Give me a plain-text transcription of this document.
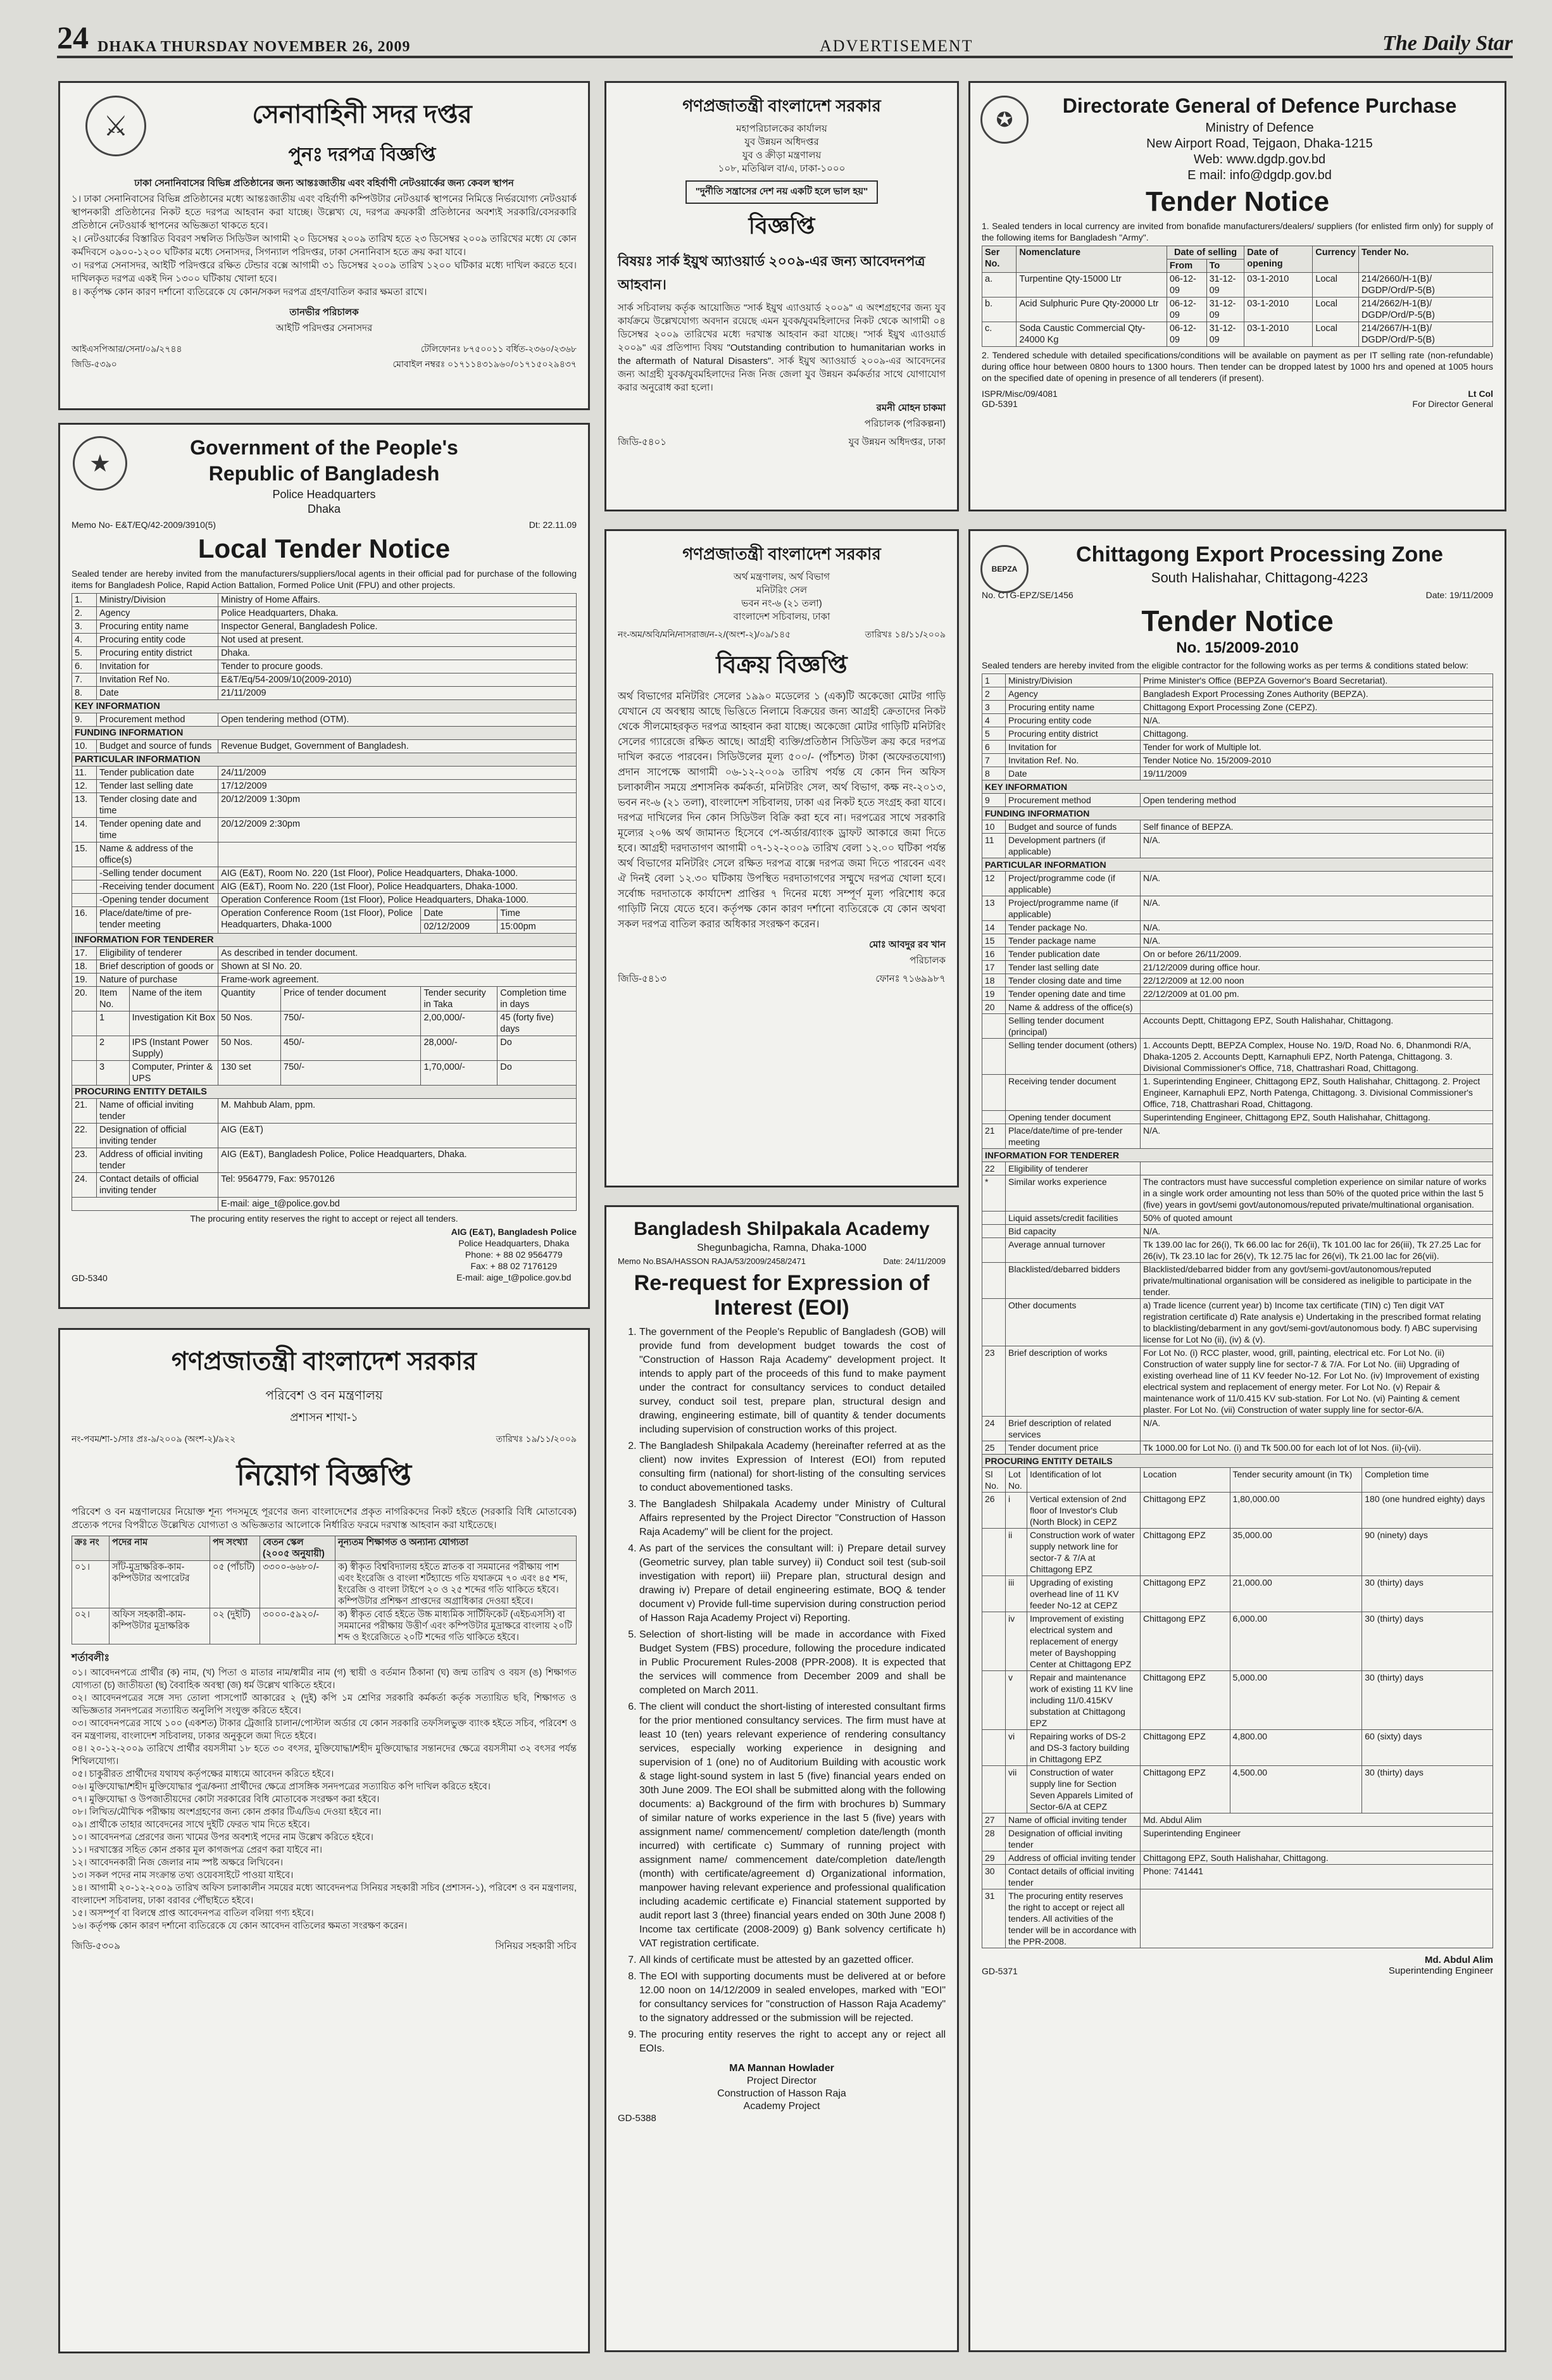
24 DHAKA THURSDAY NOVEMBER 26, 2009	ADVERTISEMENT	The Daily Star
⚔	সেনাবাহিনী সদর দপ্তর
পুনঃ দরপত্র বিজ্ঞপ্তি

ঢাকা সেনানিবাসের বিভিন্ন প্রতিষ্ঠানের জন্য আন্তঃজাতীয় এবং বহির্বাণী নেটওয়ার্কের জন্য কেবল স্থাপন

১। ঢাকা সেনানিবাসের বিভিন্ন প্রতিষ্ঠানের মধ্যে আন্তঃজাতীয় এবং বহির্বাণী কম্পিউটার নেটওয়ার্ক স্থাপনের নিমিত্তে নির্ভরযোগ্য নেটওয়ার্ক স্থাপনকারী প্রতিষ্ঠানের নিকট হতে দরপত্র আহবান করা যাচ্ছে। উল্লেখ্য যে, দরপত্র ক্রয়কারী প্রতিষ্ঠানের অবশ্যই সরকারি/বেসরকারি প্রতিষ্ঠানে নেটওয়ার্ক স্থাপনের অভিজ্ঞতা থাকতে হবে।

২। নেটওয়ার্কের বিস্তারিত বিবরণ সম্বলিত সিডিউল আগামী ২০ ডিসেম্বর ২০০৯ তারিখ হতে ২৩ ডিসেম্বর ২০০৯ তারিখের মধ্যে যে কোন কর্মদিবসে ০৯০০-১২০০ ঘটিকার মধ্যে সেনাসদর, সিগন্যাল পরিদপ্তর, ঢাকা সেনানিবাস হতে ক্রয় করা যাবে।

৩। দরপত্র সেনাসদর, আইটি পরিদপ্তরে রক্ষিত টেন্ডার বক্সে আগামী ৩১ ডিসেম্বর ২০০৯ তারিখ ১২০০ ঘটিকার মধ্যে দাখিল করতে হবে। দাখিলকৃত দরপত্র একই দিন ১৩০০ ঘটিকায় খোলা হবে।

৪। কর্তৃপক্ষ কোন কারণ দর্শানো ব্যতিরেকে যে কোন/সকল দরপত্র গ্রহণ/বাতিল করার ক্ষমতা রাখে।

তানভীর পরিচালক
আইটি পরিদপ্তর সেনাসদর
আইএসপিআর/সেনা/০৯/২৭৪৪
জিডি-৫৩৯০
টেলিফোনঃ ৮৭৫০০১১ বর্ধিত-২৩৬০/২৩৬৮
মোবাইল নম্বরঃ ০১৭১১৪৩১৯৬০/০১৭১৫০২৯৪৩৭
★
Government of the People's
Republic of Bangladesh
Police Headquarters
Dhaka
Memo No- E&T/EQ/42-2009/3910(5)	Dt: 22.11.09
Local Tender Notice

Sealed tender are hereby invited from the manufacturers/suppliers/local agents in their official pad for purchase of the following items for Bangladesh Police, Rapid Action Battalion, Formed Police Unit (FPU) and other projects.

1.	Ministry/Division		Ministry of Home Affairs.			
2.	Agency		Police Headquarters, Dhaka.			
3.	Procuring entity name		Inspector General, Bangladesh Police.			
4.	Procuring entity code		Not used at present.			
5.	Procuring entity district		Dhaka.			
6.	Invitation for		Tender to procure goods.			
7.	Invitation Ref No.		E&T/Eq/54-2009/10(2009-2010)			
8.	Date		21/11/2009			
KEY INFORMATION						
9.	Procurement method		Open tendering method (OTM).			
FUNDING INFORMATION						
10.	Budget and source of funds		Revenue Budget, Government of Bangladesh.			
PARTICULAR INFORMATION						
11.	Tender publication date		24/11/2009			
12.	Tender last selling date		17/12/2009			
13.	Tender closing date and time		20/12/2009 1:30pm			
14.	Tender opening date and time		20/12/2009 2:30pm			
15.	Name & address of the office(s)					
	-Selling tender document		AIG (E&T), Room No. 220 (1st Floor), Police Headquarters, Dhaka-1000.			
	-Receiving tender document		AIG (E&T), Room No. 220 (1st Floor), Police Headquarters, Dhaka-1000.			
	-Opening tender document		Operation Conference Room (1st Floor), Police Headquarters, Dhaka-1000.			
16.	Place/date/time of pre-tender meeting		Operation Conference Room (1st Floor), Police Headquarters, Dhaka-1000		Date	Time
					02/12/2009	15:00pm
INFORMATION FOR TENDERER						
17.	Eligibility of tenderer		As described in tender document.			
18.	Brief description of goods or		Shown at Sl No. 20.			
19.	Nature of purchase		Frame-work agreement.			
20.	Item No.	Name of the item	Quantity	Price of tender document	Tender security in Taka	Completion time in days
	1	Investigation Kit Box	50 Nos.	750/-	2,00,000/-	45 (forty five) days
	2	IPS (Instant Power Supply)	50 Nos.	450/-	28,000/-	Do
	3	Computer, Printer & UPS	130 set	750/-	1,70,000/-	Do
PROCURING ENTITY DETAILS						
21.	Name of official inviting tender		M. Mahbub Alam, ppm.			
22.	Designation of official inviting tender		AIG (E&T)			
23.	Address of official inviting tender		AIG (E&T), Bangladesh Police, Police Headquarters, Dhaka.			
24.	Contact details of official inviting tender		Tel: 9564779, Fax: 9570126			
			E-mail: aige_t@police.gov.bd			
The procuring entity reserves the right to accept or reject all tenders.
GD-5340
AIG (E&T), Bangladesh Police
Police Headquarters, Dhaka
Phone: + 88 02 9564779
Fax: + 88 02 7176129
E-mail: aige_t@police.gov.bd
গণপ্রজাতন্ত্রী বাংলাদেশ সরকার
পরিবেশ ও বন মন্ত্রণালয়
প্রশাসন শাখা-১
নং-পবম/শা-১/সাঃ প্রঃ-৯/২০০৯ (অংশ-২)/৯২২	তারিখঃ ১৯/১১/২০০৯
নিয়োগ বিজ্ঞপ্তি

পরিবেশ ও বন মন্ত্রণালয়ের নিয়োক্ত শূন্য পদসমূহে পূরণের জন্য বাংলাদেশের প্রকৃত নাগরিকদের নিকট হইতে (সরকারি বিধি মোতাবেক) প্রত্যেক পদের বিপরীতে উল্লেখিত যোগ্যতা ও অভিজ্ঞতার আলোকে নির্ধারিত ফরমে দরখাস্ত আহবান করা যাইতেছে।

ক্রঃ নং	পদের নাম	পদ সংখ্যা	বেতন স্কেল (২০০৫ অনুযায়ী)	নূন্যতম শিক্ষাগত ও অন্যান্য যোগ্যতা
০১।	সাঁট-মুদ্রাক্ষরিক-কাম-কম্পিউটার অপারেটর	০৫ (পাঁচটি)	৩৩০০-৬৬৮০/-	ক) স্বীকৃত বিশ্ববিদ্যালয় হইতে স্নাতক বা সমমানের পরীক্ষায় পাশ এবং ইংরেজি ও বাংলা শর্টহ্যান্ডে গতি যথাক্রমে ৭০ এবং ৪৫ শব্দ, ইংরেজি ও বাংলা টাইপে ২০ ও ২৫ শব্দের গতি থাকিতে হইবে। কম্পিউটার প্রশিক্ষণ প্রাপ্তদের অগ্রাধিকার দেওয়া হইবে।
০২।	অফিস সহকারী-কাম-কম্পিউটার মুদ্রাক্ষরিক	০২ (দুইটি)	৩০০০-৫৯২০/-	ক) স্বীকৃত বোর্ড হইতে উচ্চ মাধ্যমিক সার্টিফিকেট (এইচএসসি) বা সমমানের পরীক্ষায় উত্তীর্ণ এবং কম্পিউটার মুদ্রাক্ষরে বাংলায় ২০টি শব্দ ও ইংরেজিতে ২০টি শব্দের গতি থাকিতে হইবে।
শর্তাবলীঃ

০১। আবেদনপত্রে প্রার্থীর (ক) নাম, (খ) পিতা ও মাতার নাম/স্বামীর নাম (গ) স্থায়ী ও বর্তমান ঠিকানা (ঘ) জন্ম তারিখ ও বয়স (ঙ) শিক্ষাগত যোগ্যতা (চ) জাতীয়তা (ছ) বৈবাহিক অবস্থা (জ) ধর্ম উল্লেখ থাকিতে হইবে।

০২। আবেদনপত্রের সঙ্গে সদ্য তোলা পাসপোর্ট আকারের ২ (দুই) কপি ১ম শ্রেণির সরকারি কর্মকর্তা কর্তৃক সত্যায়িত ছবি, শিক্ষাগত ও অভিজ্ঞতার সনদপত্রের সত্যায়িত অনুলিপি সংযুক্ত করিতে হইবে।

০৩। আবেদনপত্রের সাথে ১০০ (একশত) টাকার ট্রেজারি চালান/পোস্টাল অর্ডার যে কোন সরকারি তফসিলভুক্ত ব্যাংক হইতে সচিব, পরিবেশ ও বন মন্ত্রণালয়, বাংলাদেশ সচিবালয়, ঢাকার অনুকূলে জমা দিতে হইবে।

০৪। ২০-১২-২০০৯ তারিখে প্রার্থীর বয়সসীমা ১৮ হতে ৩০ বৎসর, মুক্তিযোদ্ধা/শহীদ মুক্তিযোদ্ধার সন্তানদের ক্ষেত্রে বয়সসীমা ৩২ বৎসর পর্যন্ত শিথিলযোগ্য।

০৫। চাকুরীরত প্রার্থীদের যথাযথ কর্তৃপক্ষের মাধ্যমে আবেদন করিতে হইবে।

০৬। মুক্তিযোদ্ধা/শহীদ মুক্তিযোদ্ধার পুত্র/কন্যা প্রার্থীদের ক্ষেত্রে প্রাসঙ্গিক সনদপত্রের সত্যায়িত কপি দাখিল করিতে হইবে।

০৭। মুক্তিযোদ্ধা ও উপজাতীয়দের কোটা সরকারের বিধি মোতাবেক সংরক্ষণ করা হইবে।

০৮। লিখিত/মৌখিক পরীক্ষায় অংশগ্রহণের জন্য কোন প্রকার টিএ/ডিএ দেওয়া হইবে না।

০৯। প্রার্থীকে তাহার আবেদনের সাথে দুইটি ফেরত খাম দিতে হইবে।

১০। আবেদনপত্র প্রেরণের জন্য খামের উপর অবশ্যই পদের নাম উল্লেখ করিতে হইবে।

১১। দরখাস্তের সহিত কোন প্রকার মূল কাগজপত্র প্রেরণ করা যাইবে না।

১২। আবেদনকারী নিজ জেলার নাম স্পষ্ট অক্ষরে লিখিবেন।

১৩। সকল পদের নাম সংক্রান্ত তথ্য ওয়েবসাইটে পাওয়া যাইবে।

১৪। আগামী ২০-১২-২০০৯ তারিখ অফিস চলাকালীন সময়ের মধ্যে আবেদনপত্র সিনিয়র সহকারী সচিব (প্রশাসন-১), পরিবেশ ও বন মন্ত্রণালয়, বাংলাদেশ সচিবালয়, ঢাকা বরাবর পৌঁছাইতে হইবে।

১৫। অসম্পূর্ণ বা বিলম্বে প্রাপ্ত আবেদনপত্র বাতিল বলিয়া গণ্য হইবে।

১৬। কর্তৃপক্ষ কোন কারণ দর্শানো ব্যতিরেকে যে কোন আবেদন বাতিলের ক্ষমতা সংরক্ষণ করেন।

জিডি-৫৩০৯	সিনিয়র সহকারী সচিব
গণপ্রজাতন্ত্রী বাংলাদেশ সরকার
মহাপরিচালকের কার্যালয়
যুব উন্নয়ন অধিদপ্তর
যুব ও ক্রীড়া মন্ত্রণালয়
১০৮, মতিঝিল বা/এ, ঢাকা-১০০০
"দুর্নীতি সন্ত্রাসের দেশ নয় একটি হলে ভাল হয়"
বিজ্ঞপ্তি
বিষয়ঃ সার্ক ইয়ুথ অ্যাওয়ার্ড ২০০৯-এর জন্য আবেদনপত্র আহবান।

সার্ক সচিবালয় কর্তৃক আয়োজিত "সার্ক ইয়ুথ এ্যাওয়ার্ড ২০০৯" এ অংশগ্রহণের জন্য যুব কার্যক্রমে উল্লেখযোগ্য অবদান রয়েছে এমন যুবক/যুবমহিলাদের নিকট থেকে আগামী ০৪ ডিসেম্বর ২০০৯ তারিখের মধ্যে দরখাস্ত আহবান করা যাচ্ছে। "সার্ক ইয়ুথ এ্যাওয়ার্ড ২০০৯" এর প্রতিপাদ্য বিষয় "Outstanding contribution to humanitarian works in the aftermath of Natural Disasters". সার্ক ইয়ুথ অ্যাওয়ার্ড ২০০৯-এর আবেদনের জন্য আগ্রহী যুবক/যুবমহিলাদের নিজ নিজ জেলা যুব উন্নয়ন কর্মকর্তার সাথে যোগাযোগ করার অনুরোধ করা হলো।

রমনী মোহন চাকমা
পরিচালক (পরিকল্পনা)
জিডি-৫৪০১	যুব উন্নয়ন অধিদপ্তর, ঢাকা
গণপ্রজাতন্ত্রী বাংলাদেশ সরকার
অর্থ মন্ত্রণালয়, অর্থ বিভাগ
মনিটরিং সেল
ভবন নং-৬ (২১ তলা)
বাংলাদেশ সচিবালয়, ঢাকা
নং-অম/অবি/মনি/নাসরাজ/ন-২/(অংশ-২)/০৯/১৪৫	তারিখঃ ১৪/১১/২০০৯
বিক্রয় বিজ্ঞপ্তি

অর্থ বিভাগের মনিটরিং সেলের ১৯৯০ মডেলের ১ (এক)টি অকেজো মোটর গাড়ি যেখানে যে অবস্থায় আছে ভিত্তিতে নিলামে বিক্রয়ের জন্য আগ্রহী ক্রেতাদের নিকট থেকে সীলমোহরকৃত দরপত্র আহবান করা যাচ্ছে। অকেজো মোটর গাড়িটি মনিটরিং সেলের গ্যারেজে রক্ষিত আছে। আগ্রহী ব্যক্তি/প্রতিষ্ঠান সিডিউল ক্রয় করে দরপত্র দাখিল করতে পারবেন। সিডিউলের মূল্য ৫০০/- (পাঁচশত) টাকা (অফেরতযোগ্য) প্রদান সাপেক্ষে আগামী ০৬-১২-২০০৯ তারিখ পর্যন্ত যে কোন দিন অফিস চলাকালীন সময়ে প্রশাসনিক কর্মকর্তা, মনিটরিং সেল, অর্থ বিভাগ, কক্ষ নং-২০১৩, ভবন নং-৬ (২১ তলা), বাংলাদেশ সচিবালয়, ঢাকা এর নিকট হতে সংগ্রহ করা যাবে। দরপত্র দাখিলের দিন কোন সিডিউল বিক্রি করা হবে না। দরপত্রের সাথে সরকারি মূল্যের ২০% অর্থ জামানত হিসেবে পে-অর্ডার/ব্যাংক ড্রাফট আকারে জমা দিতে হবে। আগ্রহী দরদাতাগণ আগামী ০৭-১২-২০০৯ তারিখ বেলা ১২.০০ ঘটিকা পর্যন্ত অর্থ বিভাগের মনিটরিং সেলে রক্ষিত দরপত্র বাক্সে দরপত্র জমা দিতে পারবেন এবং ঐ দিনই বেলা ১২.৩০ ঘটিকায় উপস্থিত দরদাতাগণের সম্মুখে দরপত্র খোলা হবে। সর্বোচ্চ দরদাতাকে কার্যাদেশ প্রাপ্তির ৭ দিনের মধ্যে সম্পূর্ণ মূল্য পরিশোধ করে গাড়িটি নিয়ে যেতে হবে। কর্তৃপক্ষ কোন কারণ দর্শানো ব্যতিরেকে যে কোন অথবা সকল দরপত্র বাতিল করার অধিকার সংরক্ষণ করেন।

মোঃ আবদুর রব খান
পরিচালক
জিডি-৫৪১৩	ফোনঃ ৭১৬৯৯৮৭
Bangladesh Shilpakala Academy
Shegunbagicha, Ramna, Dhaka-1000
Memo No.BSA/HASSON RAJA/53/2009/2458/2471	Date: 24/11/2009
Re-request for Expression of Interest (EOI)
1. The government of the People's Republic of Bangladesh (GOB) will provide fund from development budget towards the cost of "Construction of Hasson Raja Academy" development project. It intends to apply part of the proceeds of this fund to make payment under the contract for consultancy services to conduct detailed survey, conduct soil test, prepare plan, structural design and drawing, engineering estimate, bill of quantity & tender documents including supervision of construction works of this project.
2. The Bangladesh Shilpakala Academy (hereinafter referred at as the client) now invites Expression of Interest (EOI) from reputed consulting firm (national) for short-listing of the consulting services to conduct abovementioned tasks.
3. The Bangladesh Shilpakala Academy under Ministry of Cultural Affairs represented by the Project Director "Construction of Hasson Raja Academy" will be client for the project.
4. As part of the services the consultant will: i) Prepare detail survey (Geometric survey, plan table survey) ii) Conduct soil test (sub-soil investigation with report) iii) Prepare plan, structural design and drawing iv) Prepare of detail engineering estimate, BOQ & tender document v) Provide full-time supervision during construction period of Hasson Raja Academy Project vi) Reporting.
5. Selection of short-listing will be made in accordance with Fixed Budget System (FBS) procedure, following the procedure indicated in Public Procurement Rules-2008 (PPR-2008). It is expected that the services will commence from December 2009 and shall be completed on March 2011.
6. The client will conduct the short-listing of interested consultant firms for the prior mentioned consultancy services. The firm must have at least 10 (ten) years relevant experience of rendering consultancy services, especially working experience in designing and supervision of 1 (one) no of Auditorium Building with acoustic work & stage light-sound system in last 5 (five) financial years ended on 30th June 2009. The EOI shall be submitted along with the following documents: a) Background of the firm with brochures b) Summary of similar nature of works experience in the last 5 (five) years with assignment name/ commencement/ completion date/length (month incurred) with certificate c) Summary of running project with assignment name/ commencement date/completion date/length (month) with certificate/agreement d) Organizational information, manpower having relevant experience and professional qualification including academic certificate e) Financial statement supported by audit report last 3 (three) financial years ended on 30th June 2008 f) Income tax certificate (2008-2009) g) Bank solvency certificate h) VAT registration certificate.
7. All kinds of certificate must be attested by an gazetted officer.
8. The EOI with supporting documents must be delivered at or before 12.00 noon on 14/12/2009 in sealed envelopes, marked with "EOI" for consultancy services for "construction of Hasson Raja Academy" to the signatory addressed or the submission will be rejected.
9. The procuring entity reserves the right to accept any or reject all EOIs.
MA Mannan Howlader
Project Director
Construction of Hasson Raja
Academy Project
GD-5388
✪
Directorate General of Defence Purchase
Ministry of Defence
New Airport Road, Tejgaon, Dhaka-1215
Web: www.dgdp.gov.bd
E mail: info@dgdp.gov.bd
Tender Notice

1. Sealed tenders in local currency are invited from bonafide manufacturers/dealers/ suppliers (for enlisted firm only) for supply of the following items for Bangladesh "Army".

Ser No.	Nomenclature	Date of selling		Date of opening	Currency	Tender No.
		From	To			
a.	Turpentine Qty-15000 Ltr	06-12-09	31-12-09	03-1-2010	Local	214/2660/H-1(B)/ DGDP/Ord/P-5(B)
b.	Acid Sulphuric Pure Qty-20000 Ltr	06-12-09	31-12-09	03-1-2010	Local	214/2662/H-1(B)/ DGDP/Ord/P-5(B)
c.	Soda Caustic Commercial Qty-24000 Kg	06-12-09	31-12-09	03-1-2010	Local	214/2667/H-1(B)/ DGDP/Ord/P-5(B)

2. Tendered schedule with detailed specifications/conditions will be available on payment as per IT selling rate (non-refundable) during office hour between 0800 hours to 1300 hours. Then tender can be dropped latest by 1000 hrs and opened at 1005 hours on the specified date of opening in presence of all tenderers (if present).

ISPR/Misc/09/4081
GD-5391
Lt Col
For Director General
BEPZA
Chittagong Export Processing Zone
South Halishahar, Chittagong-4223
No. CTG-EPZ/SE/1456	Date: 19/11/2009
Tender Notice
No. 15/2009-2010

Sealed tenders are hereby invited from the eligible contractor for the following works as per terms & conditions stated below:

1	Ministry/Division		Prime Minister's Office (BEPZA Governor's Board Secretariat).		
2	Agency		Bangladesh Export Processing Zones Authority (BEPZA).		
3	Procuring entity name		Chittagong Export Processing Zone (CEPZ).		
4	Procuring entity code		N/A.		
5	Procuring entity district		Chittagong.		
6	Invitation for		Tender for work of Multiple lot.		
7	Invitation Ref. No.		Tender Notice No. 15/2009-2010		
8	Date		19/11/2009		
KEY INFORMATION					
9	Procurement method		Open tendering method		
FUNDING INFORMATION					
10	Budget and source of funds		Self finance of BEPZA.		
11	Development partners (if applicable)		N/A.		
PARTICULAR INFORMATION					
12	Project/programme code (if applicable)		N/A.		
13	Project/programme name (if applicable)		N/A.		
14	Tender package No.		N/A.		
15	Tender package name		N/A.		
16	Tender publication date		On or before 26/11/2009.		
17	Tender last selling date		21/12/2009 during office hour.		
18	Tender closing date and time		22/12/2009 at 12.00 noon		
19	Tender opening date and time		22/12/2009 at 01.00 pm.		
20	Name & address of the office(s)				
	Selling tender document (principal)		Accounts Deptt, Chittagong EPZ, South Halishahar, Chittagong.		
	Selling tender document (others)		1. Accounts Deptt, BEPZA Complex, House No. 19/D, Road No. 6, Dhanmondi R/A, Dhaka-1205 2. Accounts Deptt, Karnaphuli EPZ, North Patenga, Chittagong. 3. Divisional Commissioner's Office, 718, Chattrashari Road, Chittagong.		
	Receiving tender document		1. Superintending Engineer, Chittagong EPZ, South Halishahar, Chittagong. 2. Project Engineer, Karnaphuli EPZ, North Patenga, Chittagong. 3. Divisional Commissioner's Office, 718, Chattrashari Road, Chittagong.		
	Opening tender document		Superintending Engineer, Chittagong EPZ, South Halishahar, Chittagong.		
21	Place/date/time of pre-tender meeting		N/A.		
INFORMATION FOR TENDERER					
22	Eligibility of tenderer				
*	Similar works experience		The contractors must have successful completion experience on similar nature of works in a single work order amounting not less than 50% of the quoted price within the last 5 (five) years in govt/semi govt/autonomous/reputed private/multinational organisation.		
	Liquid assets/credit facilities		50% of quoted amount		
	Bid capacity		N/A.		
	Average annual turnover		Tk 139.00 lac for 26(i), Tk 66.00 lac for 26(ii), Tk 101.00 lac for 26(iii), Tk 27.25 Lac for 26(iv), Tk 23.10 lac for 26(v), Tk 12.75 lac for 26(vi), Tk 21.00 lac for 26(vii).		
	Blacklisted/debarred bidders		Blacklisted/debarred bidder from any govt/semi-govt/autonomous/reputed private/multinational organisation will be considered as ineligible to participate in the tender.		
	Other documents		a) Trade licence (current year) b) Income tax certificate (TIN) c) Ten digit VAT registration certificate d) Rate analysis e) Undertaking in the prescribed format relating to blacklisting/debarment in any govt/semi-govt/autonomous body. f) ABC supervising license for Lot No (ii), (iv) & (v).		
23	Brief description of works		For Lot No. (i) RCC plaster, wood, grill, painting, electrical etc. For Lot No. (ii) Construction of water supply line for sector-7 & 7/A. For Lot No. (iii) Upgrading of existing overhead line of 11 KV feeder No-12. For Lot No. (iv) Improvement of existing electrical system and replacement of energy meter. For Lot No. (v) Repair & maintenance work of 11/0.415 KV sub-station. For Lot No. (vi) Painting & cement plaster. For Lot No. (vii) Construction of water supply line for sector-6/A.		
24	Brief description of related services		N/A.		
25	Tender document price		Tk 1000.00 for Lot No. (i) and Tk 500.00 for each lot of lot Nos. (ii)-(vii).		
PROCURING ENTITY DETAILS					
Sl No.	Lot No.	Identification of lot	Location	Tender security amount (in Tk)	Completion time
26	i	Vertical extension of 2nd floor of Investor's Club (North Block) in CEPZ	Chittagong EPZ	1,80,000.00	180 (one hundred eighty) days
	ii	Construction work of water supply network line for sector-7 & 7/A at Chittagong EPZ	Chittagong EPZ	35,000.00	90 (ninety) days
	iii	Upgrading of existing overhead line of 11 KV feeder No-12 at CEPZ	Chittagong EPZ	21,000.00	30 (thirty) days
	iv	Improvement of existing electrical system and replacement of energy meter of Bayshopping Center at Chittagong EPZ	Chittagong EPZ	6,000.00	30 (thirty) days
	v	Repair and maintenance work of existing 11 KV line including 11/0.415KV substation at Chittagong EPZ	Chittagong EPZ	5,000.00	30 (thirty) days
	vi	Repairing works of DS-2 and DS-3 factory building in Chittagong EPZ	Chittagong EPZ	4,800.00	60 (sixty) days
	vii	Construction of water supply line for Section Seven Apparels Limited of Sector-6/A at CEPZ	Chittagong EPZ	4,500.00	30 (thirty) days
27	Name of official inviting tender		Md. Abdul Alim		
28	Designation of official inviting tender		Superintending Engineer		
29	Address of official inviting tender		Chittagong EPZ, South Halishahar, Chittagong.		
30	Contact details of official inviting tender		Phone: 741441		
31	The procuring entity reserves the right to accept or reject all tenders. All activities of the tender will be in accordance with the PPR-2008.				
GD-5371
Md. Abdul Alim
Superintending Engineer
